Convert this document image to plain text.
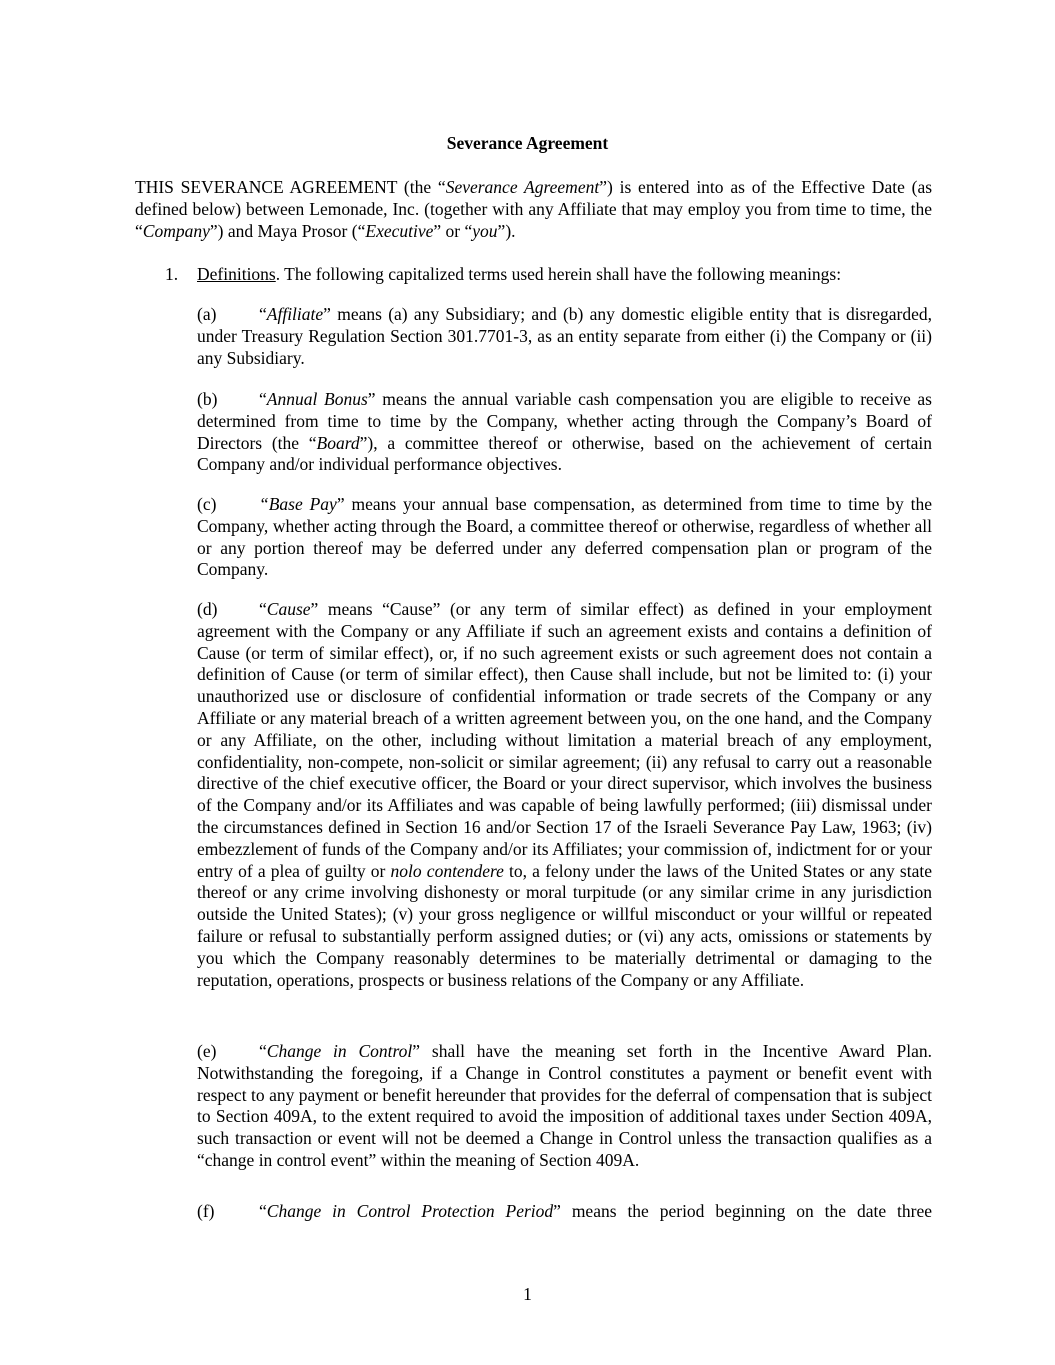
Severance Agreement

THIS SEVERANCE AGREEMENT (the “Severance Agreement”) is entered into as of the Effective Date (as defined below) between Lemonade, Inc. (together with any Affiliate that may employ you from time to time, the “Company”) and Maya Prosor (“Executive” or “you”).

1. Definitions. The following capitalized terms used herein shall have the following meanings:

(a) “Affiliate” means (a) any Subsidiary; and (b) any domestic eligible entity that is disregarded, under Treasury Regulation Section 301.7701-3, as an entity separate from either (i) the Company or (ii) any Subsidiary.

(b) “Annual Bonus” means the annual variable cash compensation you are eligible to receive as determined from time to time by the Company, whether acting through the Company’s Board of Directors (the “Board”), a committee thereof or otherwise, based on the achievement of certain Company and/or individual performance objectives.

(c) “Base Pay” means your annual base compensation, as determined from time to time by the Company, whether acting through the Board, a committee thereof or otherwise, regardless of whether all or any portion thereof may be deferred under any deferred compensation plan or program of the Company.

(d) “Cause” means “Cause” (or any term of similar effect) as defined in your employment agreement with the Company or any Affiliate if such an agreement exists and contains a definition of Cause (or term of similar effect), or, if no such agreement exists or such agreement does not contain a definition of Cause (or term of similar effect), then Cause shall include, but not be limited to: (i) your unauthorized use or disclosure of confidential information or trade secrets of the Company or any Affiliate or any material breach of a written agreement between you, on the one hand, and the Company or any Affiliate, on the other, including without limitation a material breach of any employment, confidentiality, non-compete, non-solicit or similar agreement; (ii) any refusal to carry out a reasonable directive of the chief executive officer, the Board or your direct supervisor, which involves the business of the Company and/or its Affiliates and was capable of being lawfully performed; (iii) dismissal under the circumstances defined in Section 16 and/or Section 17 of the Israeli Severance Pay Law, 1963; (iv) embezzlement of funds of the Company and/or its Affiliates; your commission of, indictment for or your entry of a plea of guilty or nolo contendere to, a felony under the laws of the United States or any state thereof or any crime involving dishonesty or moral turpitude (or any similar crime in any jurisdiction outside the United States); (v) your gross negligence or willful misconduct or your willful or repeated failure or refusal to substantially perform assigned duties; or (vi) any acts, omissions or statements by you which the Company reasonably determines to be materially detrimental or damaging to the reputation, operations, prospects or business relations of the Company or any Affiliate.

(e) “Change in Control” shall have the meaning set forth in the Incentive Award Plan. Notwithstanding the foregoing, if a Change in Control constitutes a payment or benefit event with respect to any payment or benefit hereunder that provides for the deferral of compensation that is subject to Section 409A, to the extent required to avoid the imposition of additional taxes under Section 409A, such transaction or event will not be deemed a Change in Control unless the transaction qualifies as a “change in control event” within the meaning of Section 409A.

(f)	“Change in Control Protection Period” means the period beginning on the date three

1
